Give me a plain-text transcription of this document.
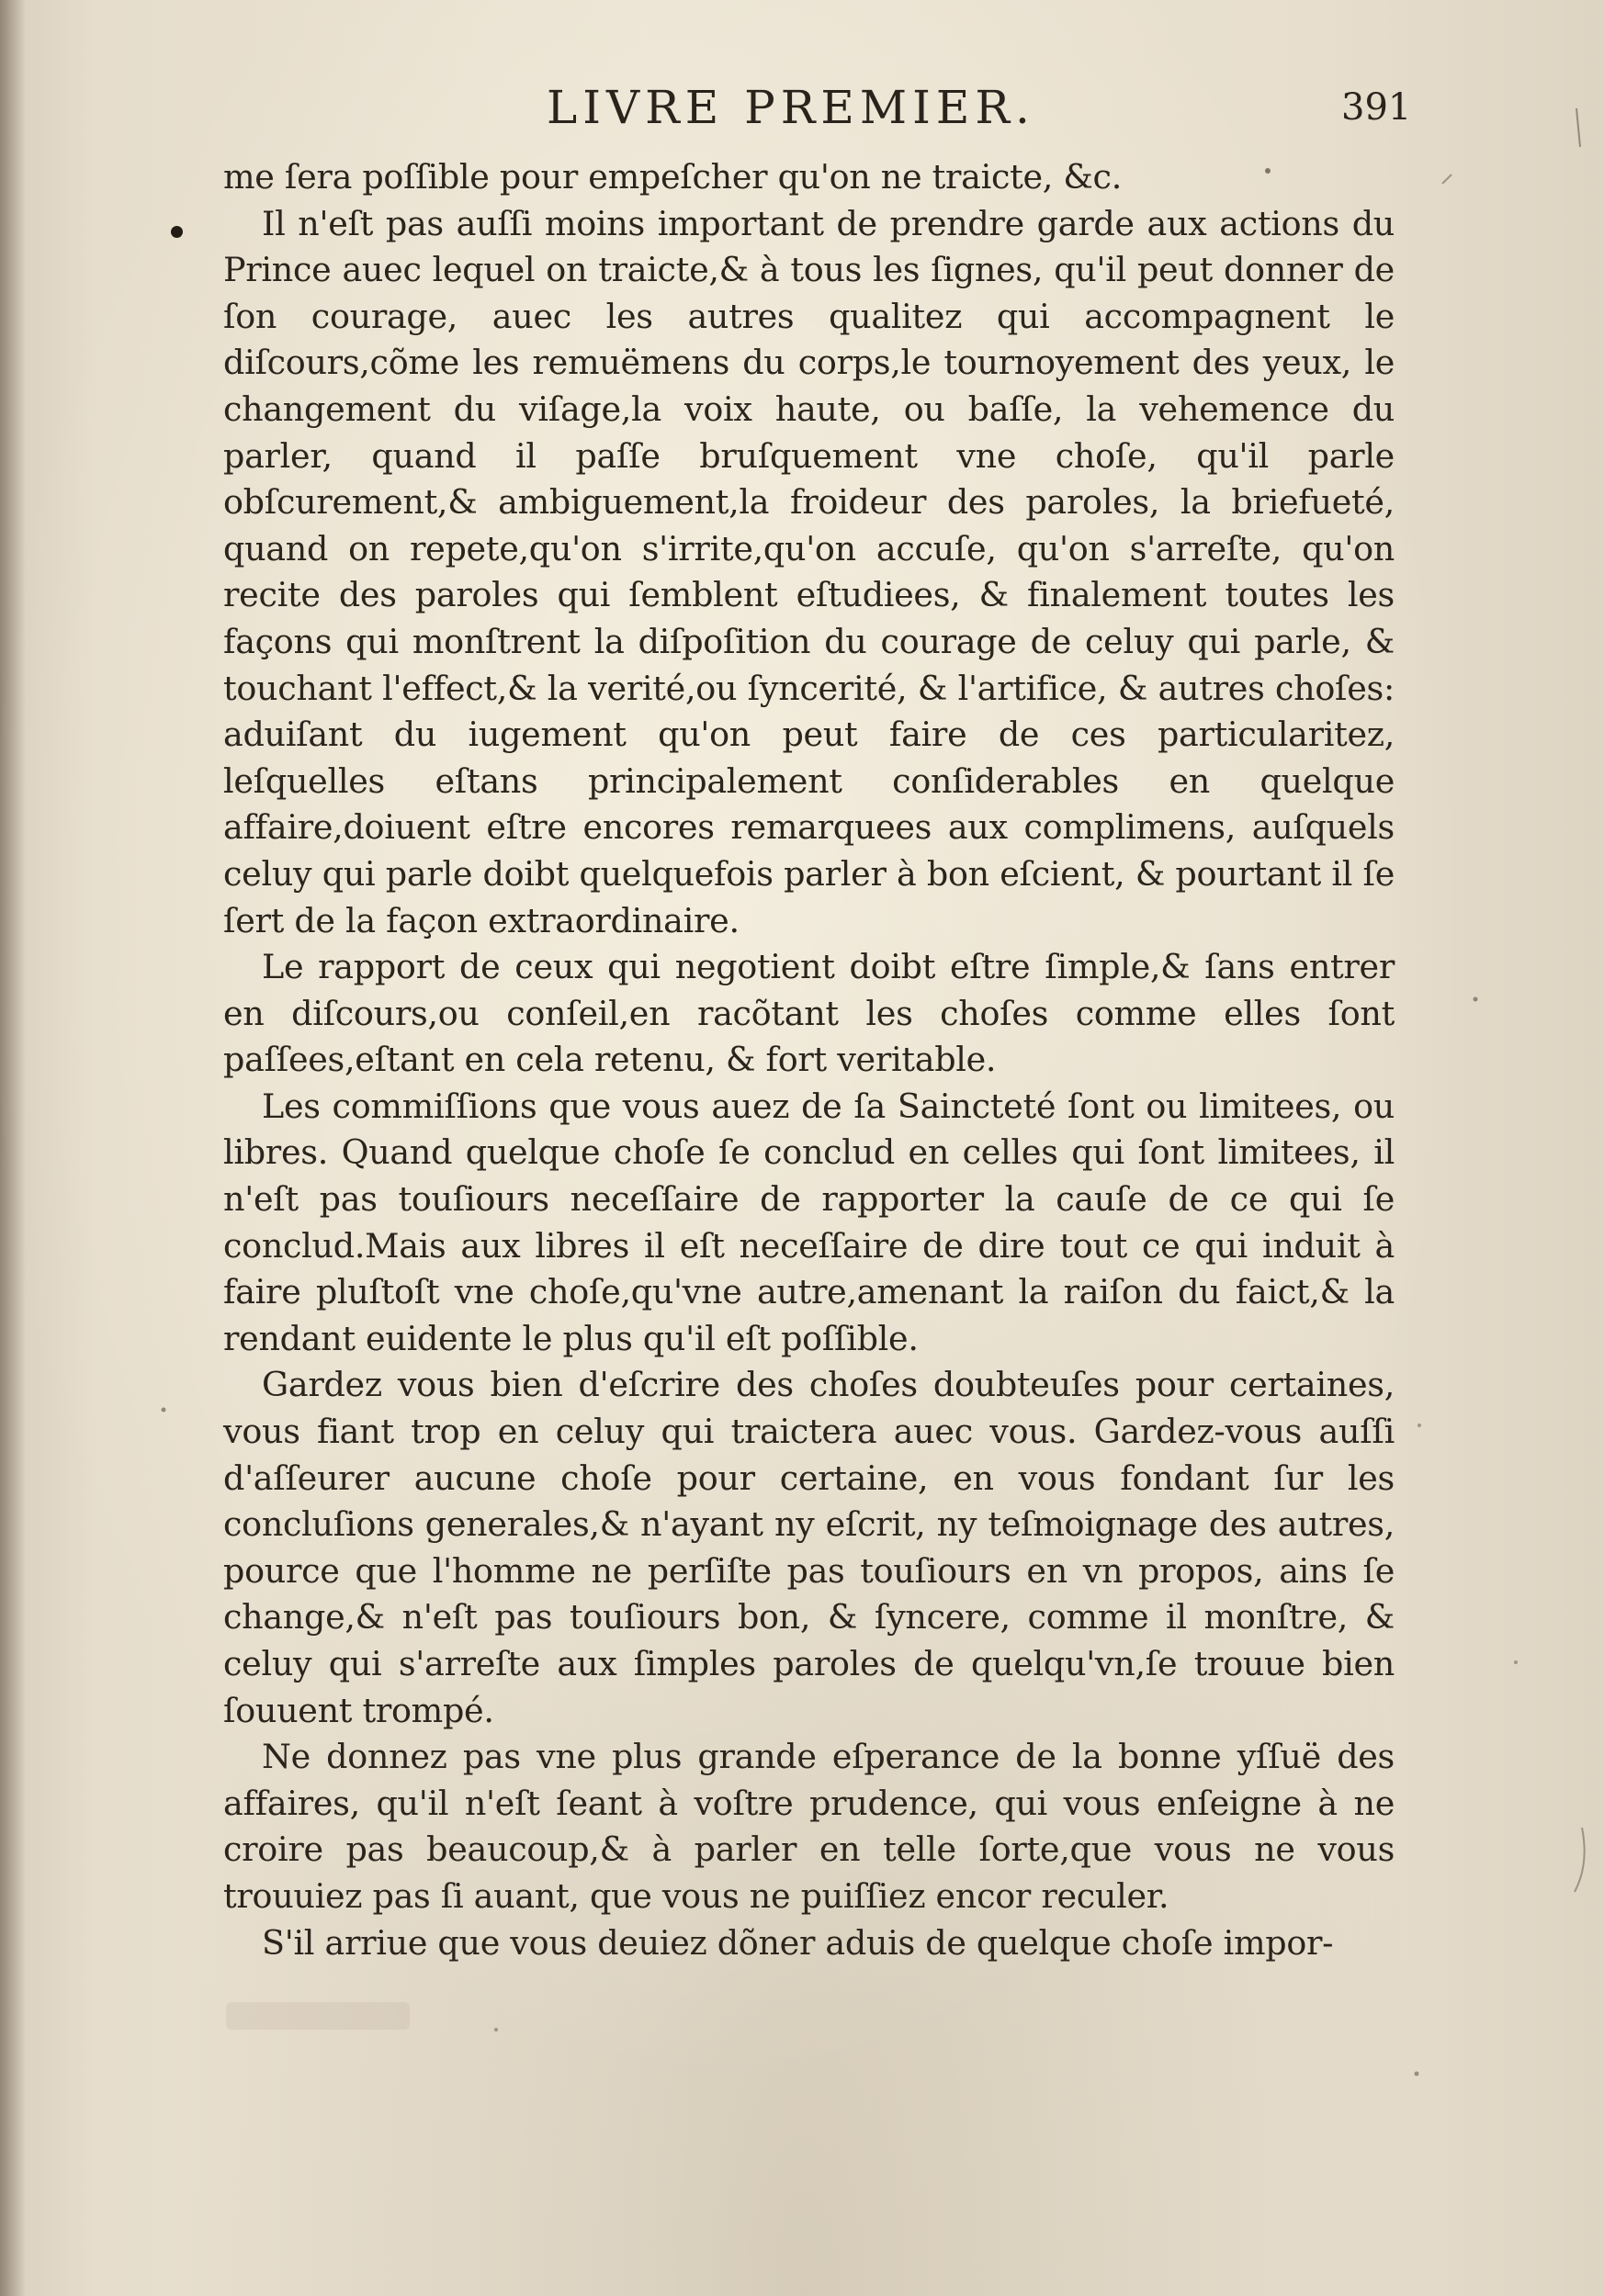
LIVRE PREMIER.	391

me ſera poſſible pour empeſcher qu'on ne traicte, &c.

Il n'eſt pas auſſi moins important de prendre garde aux actions du Prince auec lequel on traicte,& à tous les ſignes, qu'il peut donner de ſon courage, auec les autres qualitez qui accompagnent le diſcours,cõme les remuëmens du corps,le tournoyement des yeux, le changement du viſage,la voix haute, ou baſſe, la vehemence du parler, quand il paſſe bruſquement vne choſe, qu'il parle obſcurement,& ambiguement,la froideur des paroles, la briefueté, quand on repete,qu'on s'irrite,qu'on accuſe, qu'on s'arreſte, qu'on recite des paroles qui ſemblent eſtudiees, & finalement toutes les façons qui monſtrent la diſpoſition du courage de celuy qui parle, & touchant l'effect,& la verité,ou ſyncerité, & l'artifice, & autres choſes: aduiſant du iugement qu'on peut faire de ces particularitez, leſquelles eſtans principalement conſiderables en quelque affaire,doiuent eſtre encores remarquees aux complimens, auſquels celuy qui parle doibt quelquefois parler à bon eſcient, & pourtant il ſe ſert de la façon extraordinaire.

Le rapport de ceux qui negotient doibt eſtre ſimple,& ſans entrer en diſcours,ou conſeil,en racõtant les choſes comme elles ſont paſſees,eſtant en cela retenu, & fort veritable.

Les commiſſions que vous auez de ſa Saincteté ſont ou limitees, ou libres. Quand quelque choſe ſe conclud en celles qui ſont limitees, il n'eſt pas touſiours neceſſaire de rapporter la cauſe de ce qui ſe conclud.Mais aux libres il eſt neceſſaire de dire tout ce qui induit à faire pluſtoſt vne choſe,qu'vne autre,amenant la raiſon du faict,& la rendant euidente le plus qu'il eſt poſſible.

Gardez vous bien d'eſcrire des choſes doubteuſes pour certaines, vous fiant trop en celuy qui traictera auec vous. Gardez-vous auſſi d'aſſeurer aucune choſe pour certaine, en vous fondant ſur les concluſions generales,& n'ayant ny eſcrit, ny teſmoignage des autres, pource que l'homme ne perſiſte pas touſiours en vn propos, ains ſe change,& n'eſt pas touſiours bon, & ſyncere, comme il monſtre, & celuy qui s'arreſte aux ſimples paroles de quelqu'vn,ſe trouue bien ſouuent trompé.

Ne donnez pas vne plus grande eſperance de la bonne yſſuë des affaires, qu'il n'eſt ſeant à voſtre prudence, qui vous enſeigne à ne croire pas beaucoup,& à parler en telle ſorte,que vous ne vous trouuiez pas ſi auant, que vous ne puiſſiez encor reculer.

S'il arriue que vous deuiez dõner aduis de quelque choſe impor-
